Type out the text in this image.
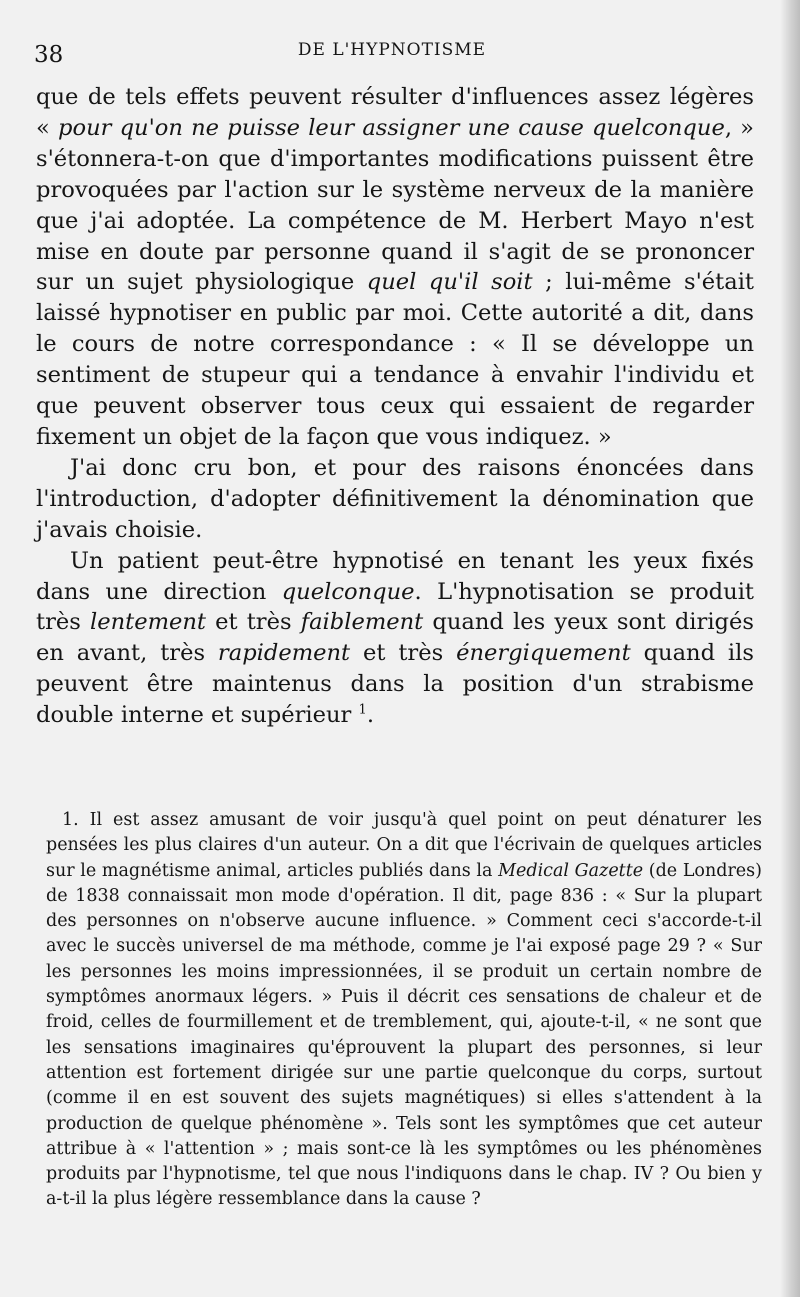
38	DE L'HYPNOTISME

que de tels effets peuvent résulter d'influences assez légères « pour qu'on ne puisse leur assigner une cause quelconque, » s'étonnera-t-on que d'importantes modifications puissent être provoquées par l'action sur le système nerveux de la manière que j'ai adoptée. La compétence de M. Herbert Mayo n'est mise en doute par personne quand il s'agit de se prononcer sur un sujet physiologique quel qu'il soit ; lui-même s'était laissé hypnotiser en public par moi. Cette autorité a dit, dans le cours de notre correspondance : « Il se développe un sentiment de stupeur qui a tendance à envahir l'individu et que peuvent observer tous ceux qui essaient de regarder fixement un objet de la façon que vous indiquez. »

J'ai donc cru bon, et pour des raisons énoncées dans l'introduction, d'adopter définitivement la dénomination que j'avais choisie.

Un patient peut-être hypnotisé en tenant les yeux fixés dans une direction quelconque. L'hypnotisation se produit très lentement et très faiblement quand les yeux sont dirigés en avant, très rapidement et très énergiquement quand ils peuvent être maintenus dans la position d'un strabisme double interne et supérieur $^1$.

1. Il est assez amusant de voir jusqu'à quel point on peut dénaturer les pensées les plus claires d'un auteur. On a dit que l'écrivain de quelques articles sur le magnétisme animal, articles publiés dans la Medical Gazette (de Londres) de 1838 connaissait mon mode d'opération. Il dit, page 836 : « Sur la plupart des personnes on n'observe aucune influence. » Comment ceci s'accorde-t-il avec le succès universel de ma méthode, comme je l'ai exposé page 29 ? « Sur les personnes les moins impressionnées, il se produit un certain nombre de symptômes anormaux légers. » Puis il décrit ces sensations de chaleur et de froid, celles de fourmillement et de tremblement, qui, ajoute-t-il, « ne sont que les sensations imaginaires qu'éprouvent la plupart des personnes, si leur attention est fortement dirigée sur une partie quelconque du corps, surtout (comme il en est souvent des sujets magnétiques) si elles s'attendent à la production de quelque phénomène ». Tels sont les symptômes que cet auteur attribue à « l'attention » ; mais sont-ce là les symptômes ou les phénomènes produits par l'hypnotisme, tel que nous l'indiquons dans le chap. IV ? Ou bien y a-t-il la plus légère ressemblance dans la cause ?
